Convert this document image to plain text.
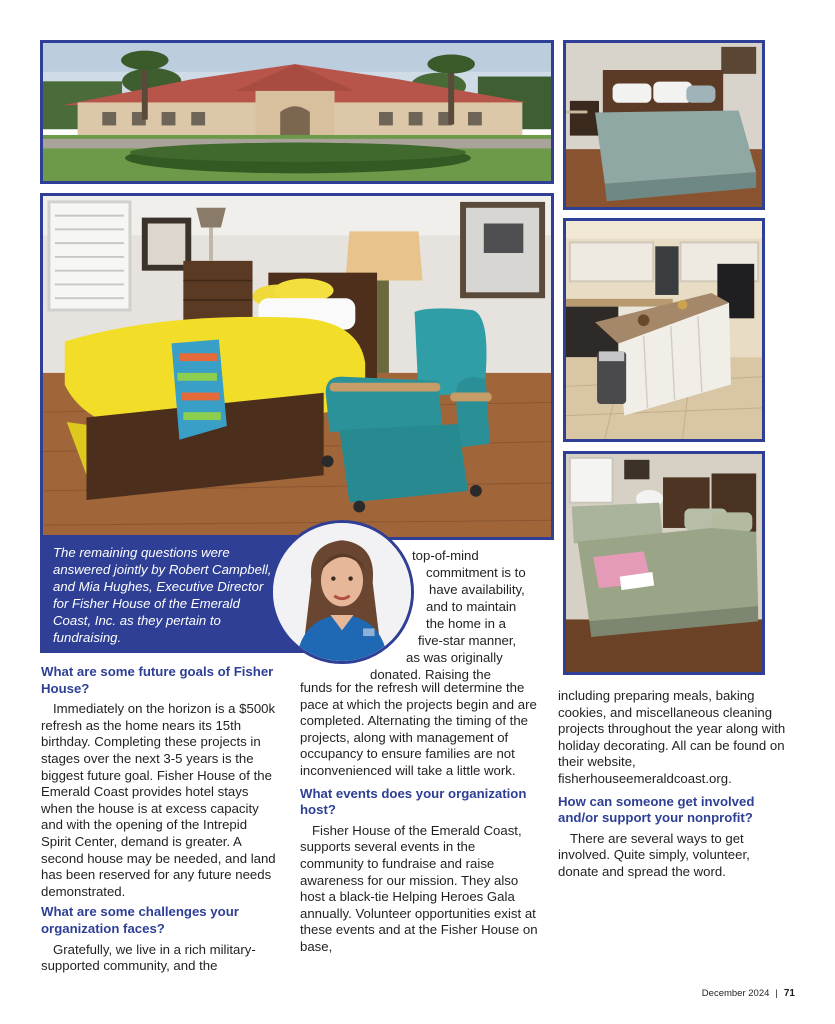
The remaining questions were answered jointly by Robert Campbell, and Mia Hughes, Executive Director for Fisher House of the Emerald Coast, Inc. as they pertain to fundraising.

What are some future goals of Fisher House?

Immediately on the horizon is a $500k refresh as the home nears its 15th birthday. Completing these projects in stages over the next 3-5 years is the biggest future goal. Fisher House of the Emerald Coast provides hotel stays when the house is at excess capacity and with the opening of the Intrepid Spirit Center, demand is greater. A second house may be needed, and land has been reserved for any future needs demonstrated.

What are some challenges your organization faces?

Gratefully, we live in a rich military-supported community, and the

top-of-mind
commitment is to
have availability,
and to maintain
the home in a
five-star manner,
as was originally
donated. Raising the

funds for the refresh will determine the pace at which the projects begin and are completed. Alternating the timing of the projects, along with management of occupancy to ensure families are not inconvenienced will take a little work.

What events does your organization host?

Fisher House of the Emerald Coast, supports several events in the community to fundraise and raise awareness for our mission. They also host a black-tie Helping Heroes Gala annually. Volunteer opportunities exist at these events and at the Fisher House on base,

including preparing meals, baking cookies, and miscellaneous cleaning projects throughout the year along with holiday decorating. All can be found on their website, fisherhouseemeraldcoast.org.

How can someone get involved and/or support your nonprofit?

There are several ways to get involved. Quite simply, volunteer, donate and spread the word.

December 2024 | 71
